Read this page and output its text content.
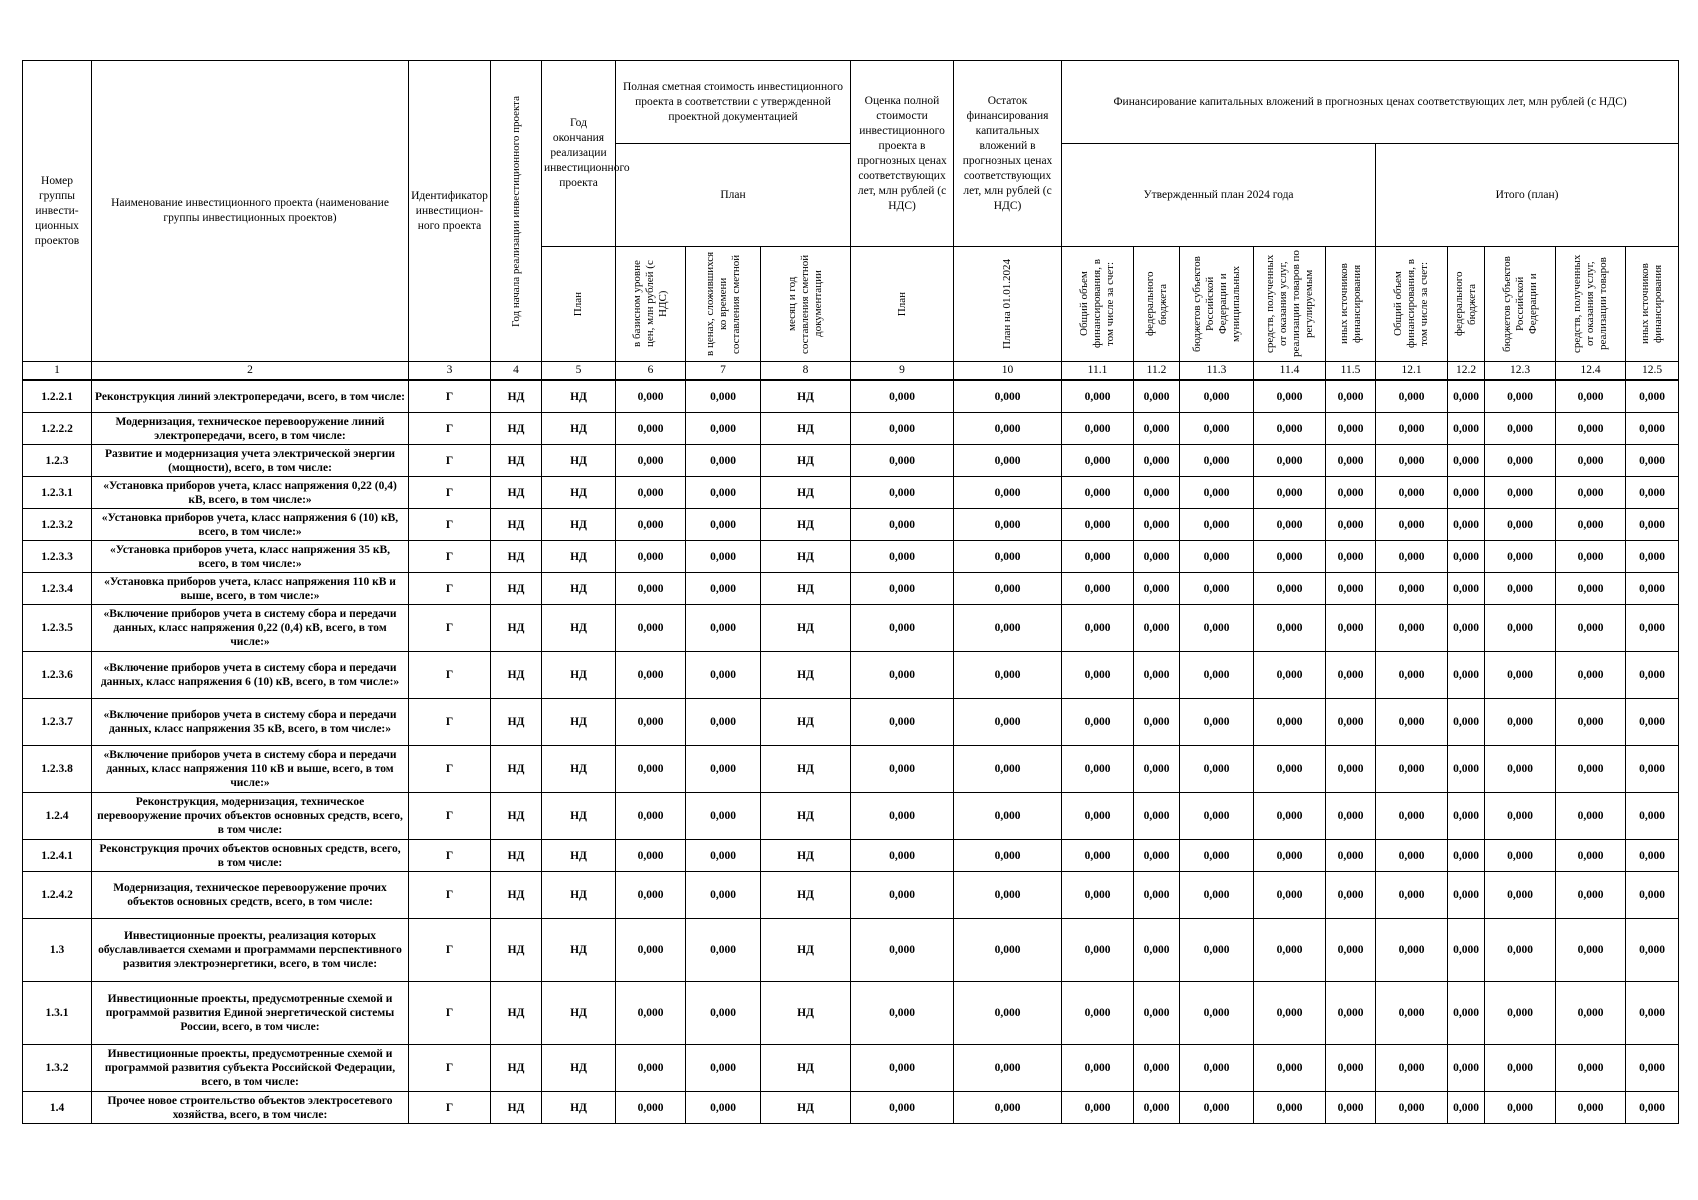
Номер группы инвести-ционных проектов	Наименование инвестиционного проекта (наименование группы инвестиционных проектов)	Идентификатор инвестицион-ного проекта	Год начала реализации инвестиционного проекта	Год окончания реализации инвестиционного проекта	Полная сметная стоимость инвестиционного проекта в соответствии с утвержденной проектной документацией			Оценка полной стоимости инвестиционного проекта в прогнозных ценах соответствующих лет, млн рублей (с НДС)	Остаток финансирования капитальных вложений в прогнозных ценах соответствующих лет, млн рублей (с НДС)	Финансирование капитальных вложений в прогнозных ценах соответствующих лет, млн рублей (с НДС)									
					План					Утвержденный план 2024 года					Итого (план)				

				План	в базисном уровне цен, млн рублей (с НДС)	в ценах, сложившихся ко времени составления сметной	месяц и год составления сметной документации	План	План на 01.01.2024	Общий объем финансирования, в том числе за счет:	федерального бюджета	бюджетов субъектов Российской Федерации и муниципальных	средств, полученных от оказания услуг, реализации товаров по регулируемым	иных источников финансирования	Общий объем финансирования, в том числе за счет:	федерального бюджета	бюджетов субъектов Российской Федерации и	средств, полученных от оказания услуг, реализации товаров	иных источников финансирования

1	2	3	4	5	6	7	8	9	10	11.1	11.2	11.3	11.4	11.5	12.1	12.2	12.3	12.4	12.5
1.2.2.1	Реконструкция линий электропередачи, всего, в том числе:	Г	НД	НД	0,000	0,000	НД	0,000	0,000	0,000	0,000	0,000	0,000	0,000	0,000	0,000	0,000	0,000	0,000
1.2.2.2	Модернизация, техническое перевооружение линий электропередачи, всего, в том числе:	Г	НД	НД	0,000	0,000	НД	0,000	0,000	0,000	0,000	0,000	0,000	0,000	0,000	0,000	0,000	0,000	0,000
1.2.3	Развитие и модернизация учета электрической энергии (мощности), всего, в том числе:	Г	НД	НД	0,000	0,000	НД	0,000	0,000	0,000	0,000	0,000	0,000	0,000	0,000	0,000	0,000	0,000	0,000
1.2.3.1	«Установка приборов учета, класс напряжения 0,22 (0,4) кВ, всего, в том числе:»	Г	НД	НД	0,000	0,000	НД	0,000	0,000	0,000	0,000	0,000	0,000	0,000	0,000	0,000	0,000	0,000	0,000
1.2.3.2	«Установка приборов учета, класс напряжения 6 (10) кВ, всего, в том числе:»	Г	НД	НД	0,000	0,000	НД	0,000	0,000	0,000	0,000	0,000	0,000	0,000	0,000	0,000	0,000	0,000	0,000
1.2.3.3	«Установка приборов учета, класс напряжения 35 кВ, всего, в том числе:»	Г	НД	НД	0,000	0,000	НД	0,000	0,000	0,000	0,000	0,000	0,000	0,000	0,000	0,000	0,000	0,000	0,000
1.2.3.4	«Установка приборов учета, класс напряжения 110 кВ и выше, всего, в том числе:»	Г	НД	НД	0,000	0,000	НД	0,000	0,000	0,000	0,000	0,000	0,000	0,000	0,000	0,000	0,000	0,000	0,000
1.2.3.5	«Включение приборов учета в систему сбора и передачи данных, класс напряжения 0,22 (0,4) кВ, всего, в том числе:»	Г	НД	НД	0,000	0,000	НД	0,000	0,000	0,000	0,000	0,000	0,000	0,000	0,000	0,000	0,000	0,000	0,000
1.2.3.6	«Включение приборов учета в систему сбора и передачи данных, класс напряжения 6 (10) кВ, всего, в том числе:»	Г	НД	НД	0,000	0,000	НД	0,000	0,000	0,000	0,000	0,000	0,000	0,000	0,000	0,000	0,000	0,000	0,000
1.2.3.7	«Включение приборов учета в систему сбора и передачи данных, класс напряжения 35 кВ, всего, в том числе:»	Г	НД	НД	0,000	0,000	НД	0,000	0,000	0,000	0,000	0,000	0,000	0,000	0,000	0,000	0,000	0,000	0,000
1.2.3.8	«Включение приборов учета в систему сбора и передачи данных, класс напряжения 110 кВ и выше, всего, в том числе:»	Г	НД	НД	0,000	0,000	НД	0,000	0,000	0,000	0,000	0,000	0,000	0,000	0,000	0,000	0,000	0,000	0,000
1.2.4	Реконструкция, модернизация, техническое перевооружение прочих объектов основных средств, всего, в том числе:	Г	НД	НД	0,000	0,000	НД	0,000	0,000	0,000	0,000	0,000	0,000	0,000	0,000	0,000	0,000	0,000	0,000
1.2.4.1	Реконструкция прочих объектов основных средств, всего, в том числе:	Г	НД	НД	0,000	0,000	НД	0,000	0,000	0,000	0,000	0,000	0,000	0,000	0,000	0,000	0,000	0,000	0,000
1.2.4.2	Модернизация, техническое перевооружение прочих объектов основных средств, всего, в том числе:	Г	НД	НД	0,000	0,000	НД	0,000	0,000	0,000	0,000	0,000	0,000	0,000	0,000	0,000	0,000	0,000	0,000
1.3	Инвестиционные проекты, реализация которых обуславливается схемами и программами перспективного развития электроэнергетики, всего, в том числе:	Г	НД	НД	0,000	0,000	НД	0,000	0,000	0,000	0,000	0,000	0,000	0,000	0,000	0,000	0,000	0,000	0,000
1.3.1	Инвестиционные проекты, предусмотренные схемой и программой развития Единой энергетической системы России, всего, в том числе:	Г	НД	НД	0,000	0,000	НД	0,000	0,000	0,000	0,000	0,000	0,000	0,000	0,000	0,000	0,000	0,000	0,000
1.3.2	Инвестиционные проекты, предусмотренные схемой и программой развития субъекта Российской Федерации, всего, в том числе:	Г	НД	НД	0,000	0,000	НД	0,000	0,000	0,000	0,000	0,000	0,000	0,000	0,000	0,000	0,000	0,000	0,000
1.4	Прочее новое строительство объектов электросетевого хозяйства, всего, в том числе:	Г	НД	НД	0,000	0,000	НД	0,000	0,000	0,000	0,000	0,000	0,000	0,000	0,000	0,000	0,000	0,000	0,000
